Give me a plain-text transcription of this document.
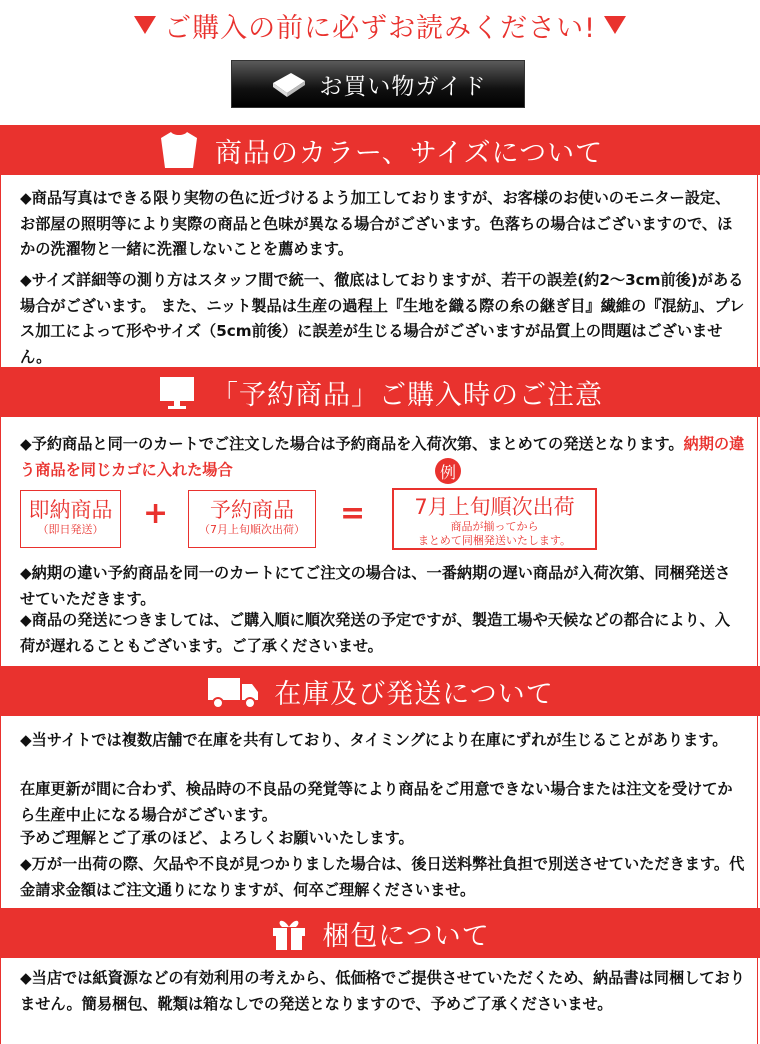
ご購入の前に必ずお読みください!
お買い物ガイド
商品のカラー、サイズについて

◆商品写真はできる限り実物の色に近づけるよう加工しておりますが、お客様のお使いのモニター設定、お部屋の照明等により実際の商品と色味が異なる場合がございます。色落ちの場合はございますので、ほかの洗濯物と一緒に洗濯しないことを薦めます。

◆サイズ詳細等の測り方はスタッフ間で統一、徹底はしておりますが、若干の誤差(約2〜3cm前後)がある場合がございます。 また、ニット製品は生産の過程上『生地を織る際の糸の継ぎ目』繊維の『混紡』、プレス加工によって形やサイズ（5cm前後）に誤差が生じる場合がございますが品質上の問題はございません。

「予約商品」ご購入時のご注意

◆予約商品と同一のカートでご注文した場合は予約商品を入荷次第、まとめての発送となります。納期の違う商品を同じカゴに入れた場合	例
即納商品
（即日発送）	+	予約商品
（7月上旬順次出荷）	=	7月上旬順次出荷
商品が揃ってから
まとめて同梱発送いたします。

◆納期の違い予約商品を同一のカートにてご注文の場合は、一番納期の遅い商品が入荷次第、同梱発送させていただきます。

◆商品の発送につきましては、ご購入順に順次発送の予定ですが、製造工場や天候などの都合により、入荷が遅れることもございます。ご了承くださいませ。

在庫及び発送について

◆当サイトでは複数店舗で在庫を共有しており、タイミングにより在庫にずれが生じることがあります。

在庫更新が間に合わず、検品時の不良品の発覚等により商品をご用意できない場合または注文を受けてから生産中止になる場合がございます。

予めご理解とご了承のほど、よろしくお願いいたします。

◆万が一出荷の際、欠品や不良が見つかりました場合は、後日送料弊社負担で別送させていただきます。代金請求金額はご注文通りになりますが、何卒ご理解くださいませ。

梱包について

◆当店では紙資源などの有効利用の考えから、低価格でご提供させていただくため、納品書は同梱しておりません。簡易梱包、靴類は箱なしでの発送となりますので、予めご了承くださいませ。
